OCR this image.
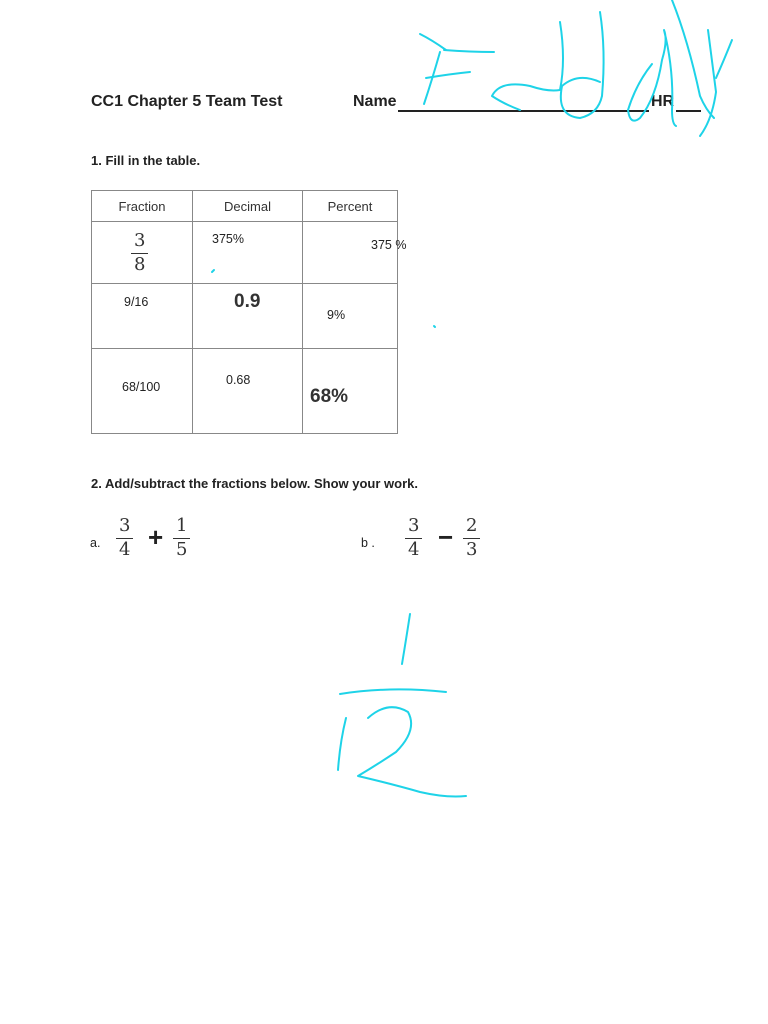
CC1 Chapter 5 Team Test	Name	HR
1. Fill in the table.
Fraction	Decimal	Percent

3
8	375%	375 %

9/16	0.9	9%

68/100	0.68	68%
2. Add/subtract the fractions below. Show your work.
a.
3
4 + 1
5	b .
3
4 − 2
3
